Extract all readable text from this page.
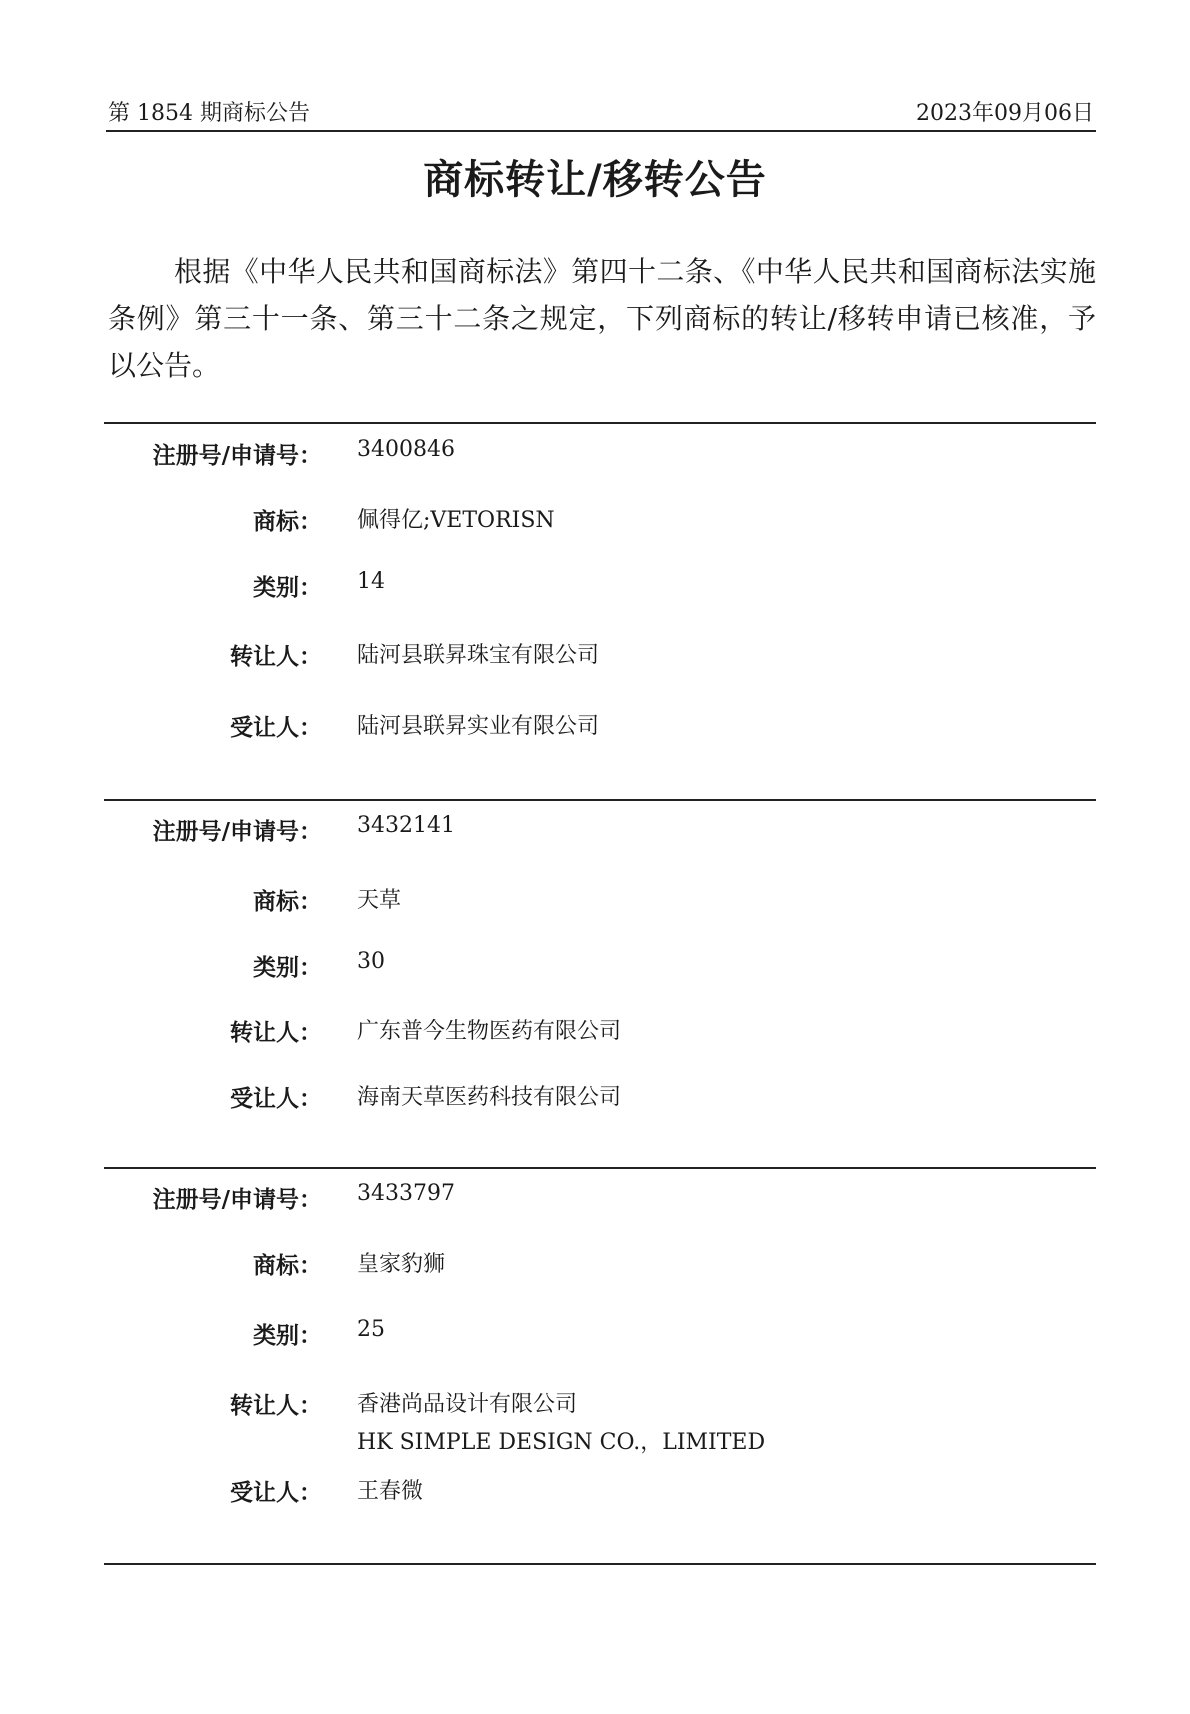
第 1854 期商标公告	2023年09月06日
商标转让/移转公告
根据《中华人民共和国商标法》第四十二条、《中华人民共和国商标法实施条例》第三十一条、第三十二条之规定，下列商标的转让/移转申请已核准，予以公告。
注册号/申请号： 3400846
商标： 佩得亿;VETORISN
类别： 14
转让人： 陆河县联昇珠宝有限公司
受让人： 陆河县联昇实业有限公司
注册号/申请号： 3432141
商标： 天草
类别： 30
转让人： 广东普今生物医药有限公司
受让人： 海南天草医药科技有限公司
注册号/申请号： 3433797
商标： 皇家豹狮
类别： 25
转让人： 香港尚品设计有限公司
HK SIMPLE DESIGN CO.，LIMITED
受让人： 王春微
